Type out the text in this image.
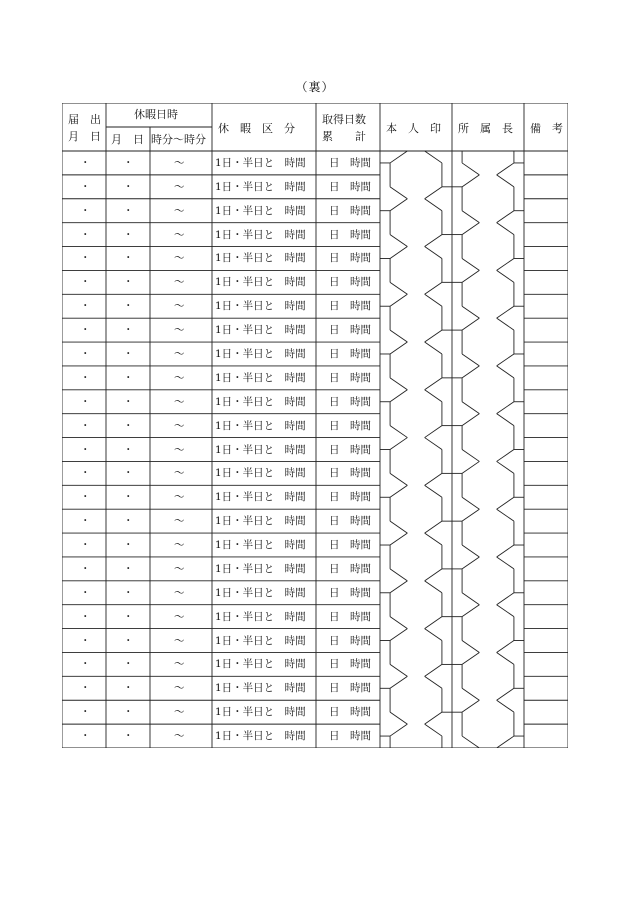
（裏）
届　出
月　日
休暇日時
月　日 時分〜時分
休　暇　区　分
取得日数
累　　計
本　人　印 所　属　長 備　考
・	・	〜	1日・半日と　時間 日　時間
・	・	〜	1日・半日と　時間 日　時間
・	・	〜	1日・半日と　時間 日　時間
・	・	〜	1日・半日と　時間 日　時間
・	・	〜	1日・半日と　時間 日　時間
・	・	〜	1日・半日と　時間 日　時間
・	・	〜	1日・半日と　時間 日　時間
・	・	〜	1日・半日と　時間 日　時間
・	・	〜	1日・半日と　時間 日　時間
・	・	〜	1日・半日と　時間 日　時間
・	・	〜	1日・半日と　時間 日　時間
・	・	〜	1日・半日と　時間 日　時間
・	・	〜	1日・半日と　時間 日　時間
・	・	〜	1日・半日と　時間 日　時間
・	・	〜	1日・半日と　時間 日　時間
・	・	〜	1日・半日と　時間 日　時間
・	・	〜	1日・半日と　時間 日　時間
・	・	〜	1日・半日と　時間 日　時間
・	・	〜	1日・半日と　時間 日　時間
・	・	〜	1日・半日と　時間 日　時間
・	・	〜	1日・半日と　時間 日　時間
・	・	〜	1日・半日と　時間 日　時間
・	・	〜	1日・半日と　時間 日　時間
・	・	〜	1日・半日と　時間 日　時間
・	・	〜	1日・半日と　時間 日　時間
